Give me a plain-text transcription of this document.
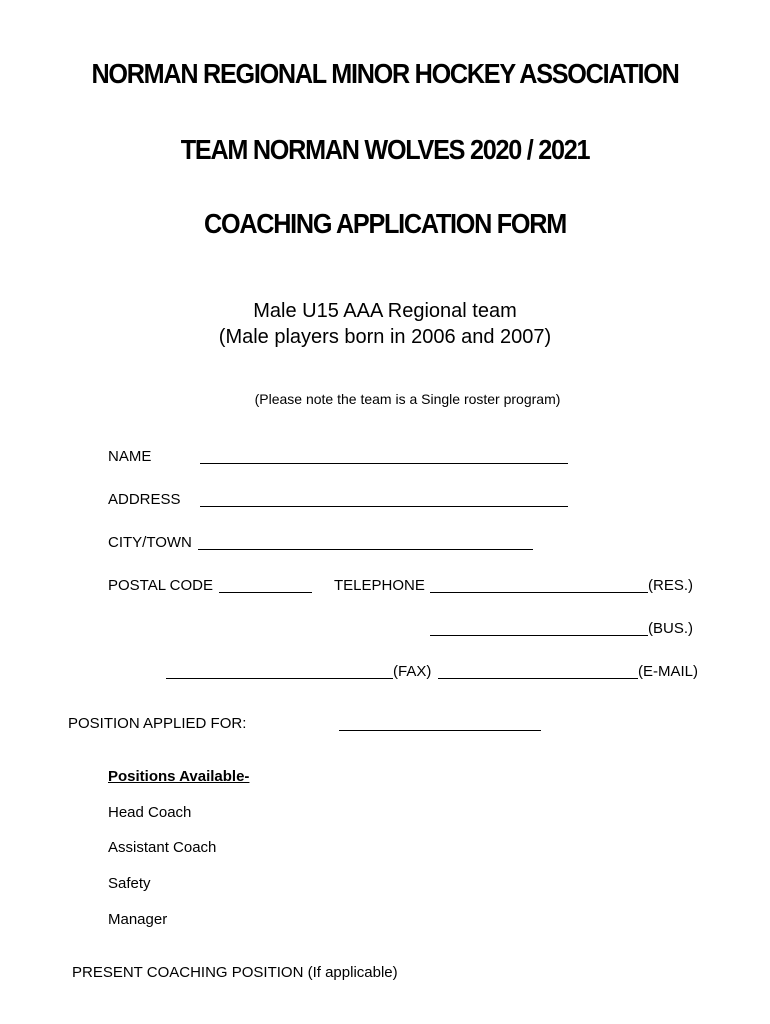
NORMAN REGIONAL MINOR HOCKEY ASSOCIATION
TEAM NORMAN WOLVES 2020 / 2021
COACHING APPLICATION FORM
Male U15 AAA Regional team
(Male players born in 2006 and 2007)
(Please note the team is a Single roster program)
NAME
ADDRESS
CITY/TOWN
POSTAL CODE	TELEPHONE	(RES.)
(BUS.)
(FAX)	(E-MAIL)
POSITION APPLIED FOR:
Positions Available-
Head Coach
Assistant Coach
Safety
Manager
PRESENT COACHING POSITION (If applicable)
